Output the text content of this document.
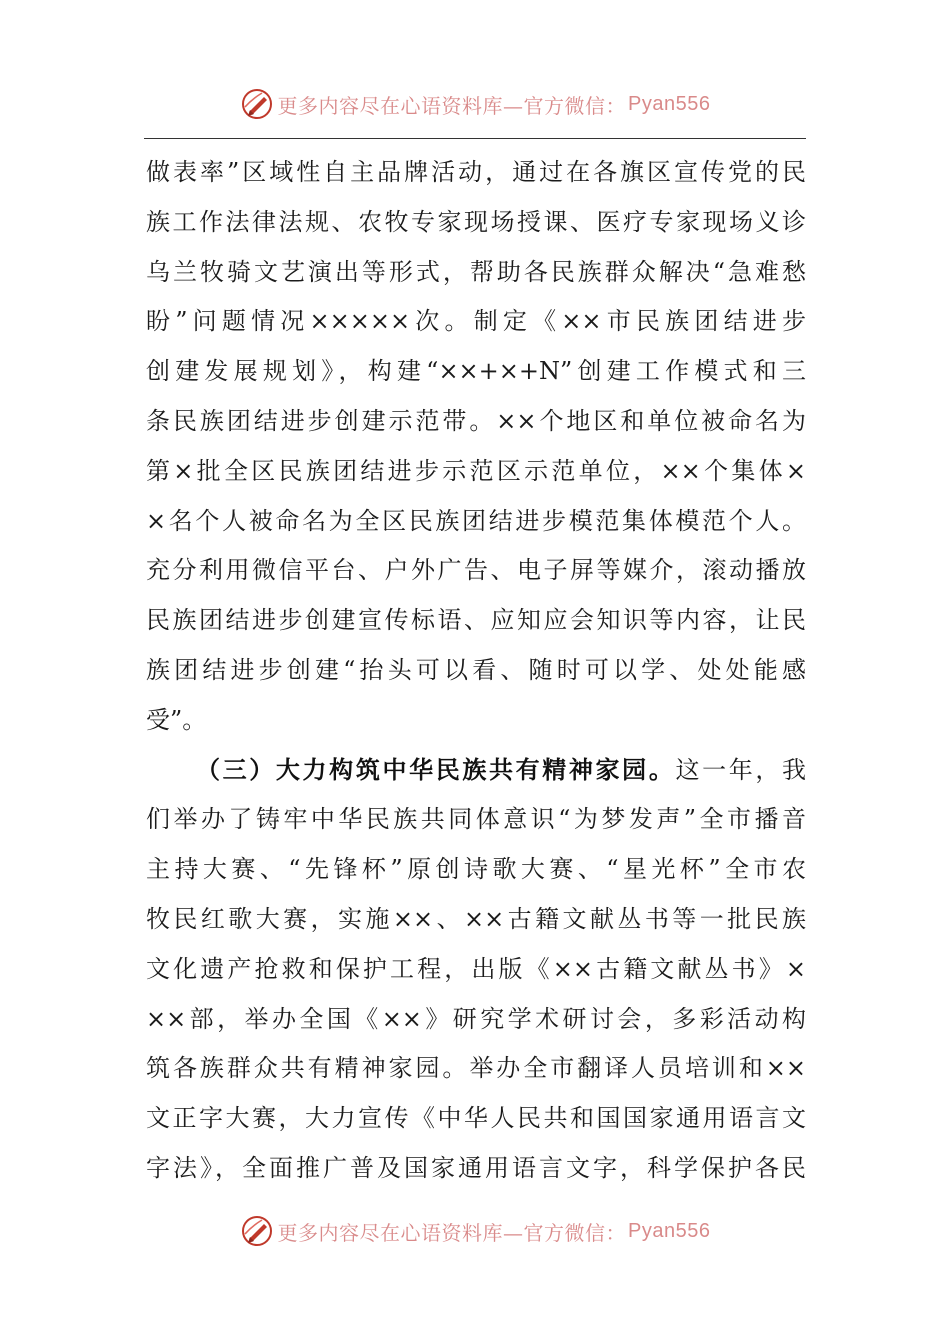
更多内容尽在心语资料库—官方微信： Pyan556
做表率”区域性自主品牌活动，通过在各旗区宣传党的民
族工作法律法规、农牧专家现场授课、医疗专家现场义诊
乌兰牧骑文艺演出等形式，帮助各民族群众解决“急难愁
盼”问题情况×××××次。制定《××市民族团结进步
创建发展规划》，构建“××+×+N”创建工作模式和三
条民族团结进步创建示范带。××个地区和单位被命名为
第×批全区民族团结进步示范区示范单位，××个集体×
×名个人被命名为全区民族团结进步模范集体模范个人。
充分利用微信平台、户外广告、电子屏等媒介，滚动播放
民族团结进步创建宣传标语、应知应会知识等内容，让民
族团结进步创建“抬头可以看、随时可以学、处处能感
受”。
（三）大力构筑中华民族共有精神家园。这一年，我
们举办了铸牢中华民族共同体意识“为梦发声”全市播音
主持大赛、“先锋杯”原创诗歌大赛、“星光杯”全市农
牧民红歌大赛，实施××、××古籍文献丛书等一批民族
文化遗产抢救和保护工程，出版《××古籍文献丛书》×
××部，举办全国《××》研究学术研讨会，多彩活动构
筑各族群众共有精神家园。举办全市翻译人员培训和××
文正字大赛，大力宣传《中华人民共和国国家通用语言文
字法》，全面推广普及国家通用语言文字，科学保护各民
更多内容尽在心语资料库—官方微信： Pyan556
